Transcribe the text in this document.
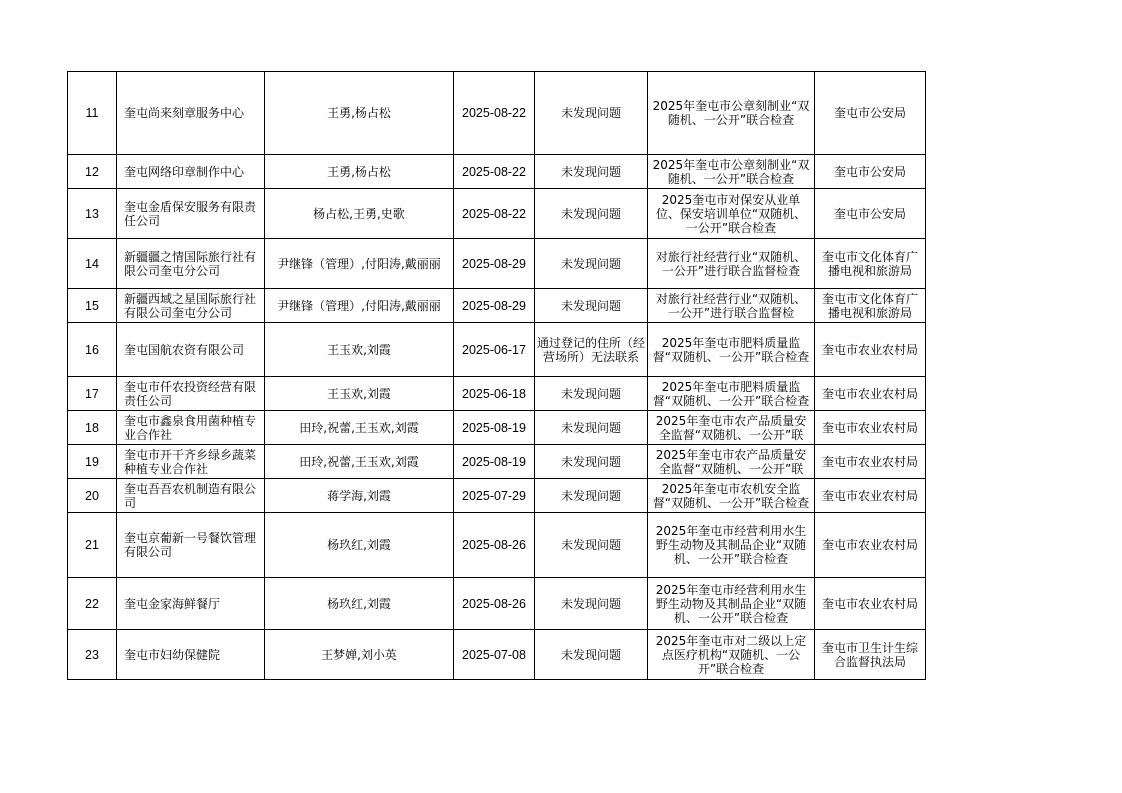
11	奎屯尚来刻章服务中心	王勇,杨占松	2025-08-22	未发现问题	2025年奎屯市公章刻制业“双随机、一公开”联合检查	奎屯市公安局
12	奎屯网络印章制作中心	王勇,杨占松	2025-08-22	未发现问题	2025年奎屯市公章刻制业“双随机、一公开”联合检查	奎屯市公安局
13	奎屯金盾保安服务有限责任公司	杨占松,王勇,史歌	2025-08-22	未发现问题	2025奎屯市对保安从业单位、保安培训单位“双随机、一公开”联合检查	奎屯市公安局
14	新疆疆之情国际旅行社有限公司奎屯分公司	尹继锋（管理）,付阳涛,戴丽丽	2025-08-29	未发现问题	对旅行社经营行业“双随机、一公开”进行联合监督检查	奎屯市文化体育广播电视和旅游局
15	新疆西域之星国际旅行社有限公司奎屯分公司	尹继锋（管理）,付阳涛,戴丽丽	2025-08-29	未发现问题	对旅行社经营行业“双随机、一公开”进行联合监督检	奎屯市文化体育广播电视和旅游局
16	奎屯国航农资有限公司	王玉欢,刘霞	2025-06-17	通过登记的住所（经营场所）无法联系	2025年奎屯市肥料质量监督“双随机、一公开”联合检查	奎屯市农业农村局
17	奎屯市仟农投资经营有限责任公司	王玉欢,刘霞	2025-06-18	未发现问题	2025年奎屯市肥料质量监督“双随机、一公开”联合检查	奎屯市农业农村局
18	奎屯市鑫泉食用菌种植专业合作社	田玲,祝蕾,王玉欢,刘霞	2025-08-19	未发现问题	2025年奎屯市农产品质量安全监督“双随机、一公开”联	奎屯市农业农村局
19	奎屯市开干齐乡绿乡蔬菜种植专业合作社	田玲,祝蕾,王玉欢,刘霞	2025-08-19	未发现问题	2025年奎屯市农产品质量安全监督“双随机、一公开”联	奎屯市农业农村局
20	奎屯吾吾农机制造有限公司	蒋学海,刘霞	2025-07-29	未发现问题	2025年奎屯市农机安全监督“双随机、一公开”联合检查	奎屯市农业农村局
21	奎屯京葡新一号餐饮管理有限公司	杨玖红,刘霞	2025-08-26	未发现问题	2025年奎屯市经营利用水生野生动物及其制品企业“双随机、一公开”联合检查	奎屯市农业农村局
22	奎屯金家海鲜餐厅	杨玖红,刘霞	2025-08-26	未发现问题	2025年奎屯市经营利用水生野生动物及其制品企业“双随机、一公开”联合检查	奎屯市农业农村局
23	奎屯市妇幼保健院	王梦婵,刘小英	2025-07-08	未发现问题	2025年奎屯市对二级以上定点医疗机构“双随机、一公开”联合检查	奎屯市卫生计生综合监督执法局
